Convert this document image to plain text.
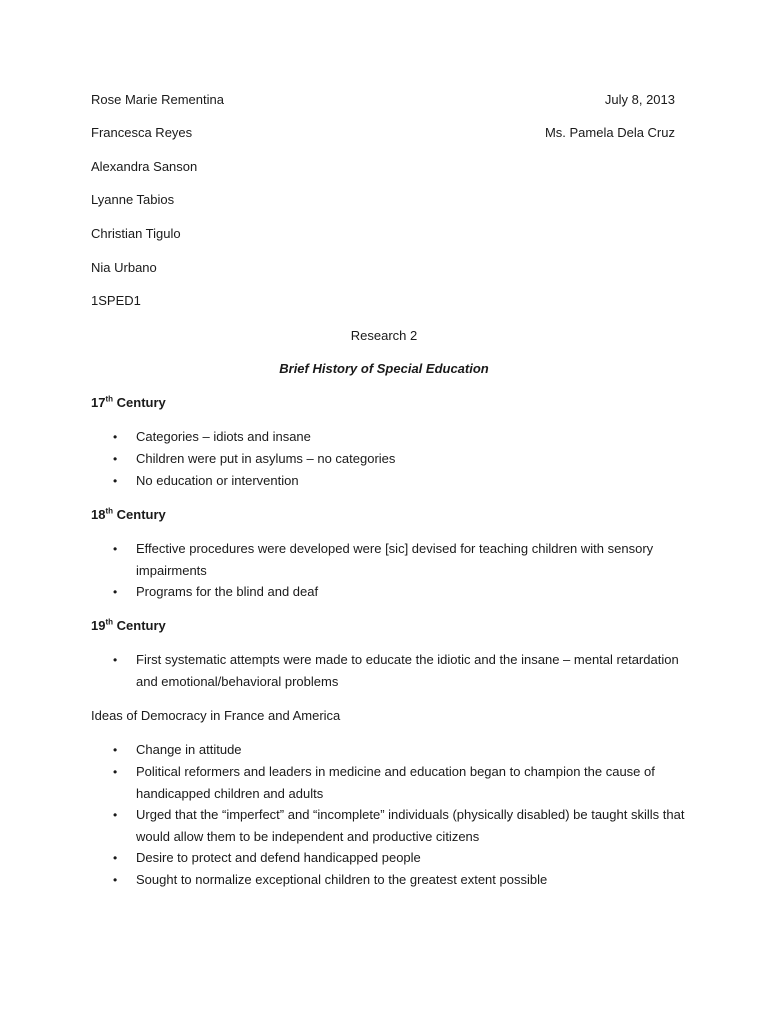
Rose Marie Rementina	July 8, 2013
Francesca Reyes	Ms. Pamela Dela Cruz
Alexandra Sanson
Lyanne Tabios
Christian Tigulo
Nia Urbano
1SPED1
Research 2
Brief History of Special Education
17th Century
• Categories – idiots and insane
• Children were put in asylums – no categories
• No education or intervention
18th Century
• Effective procedures were developed were [sic] devised for teaching children with sensory impairments
• Programs for the blind and deaf
19th Century
• First systematic attempts were made to educate the idiotic and the insane – mental retardation and emotional/behavioral problems
Ideas of Democracy in France and America
• Change in attitude
• Political reformers and leaders in medicine and education began to champion the cause of handicapped children and adults
• Urged that the “imperfect” and “incomplete” individuals (physically disabled) be taught skills that would allow them to be independent and productive citizens
• Desire to protect and defend handicapped people
• Sought to normalize exceptional children to the greatest extent possible
